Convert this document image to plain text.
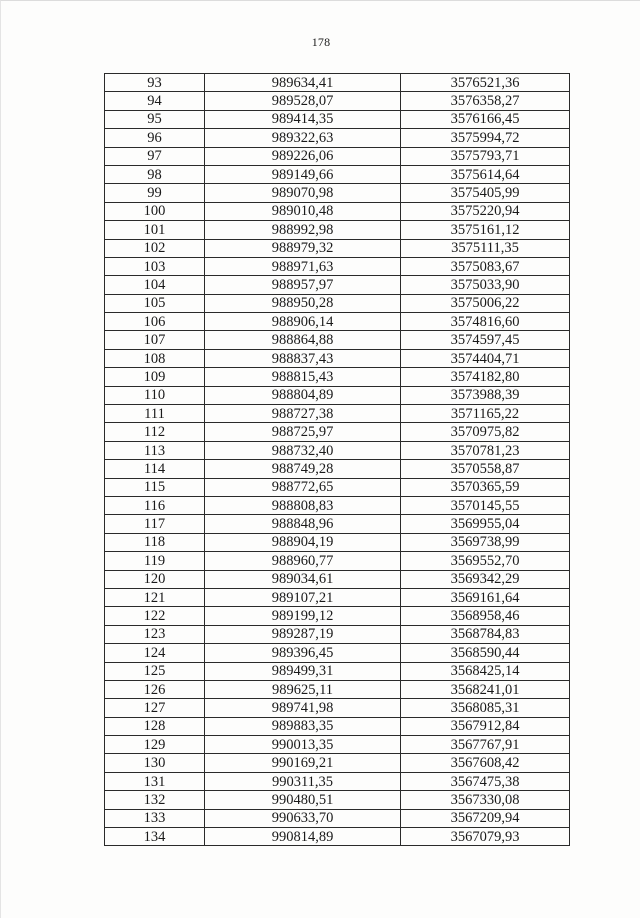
178
93	989634,41	3576521,36
94	989528,07	3576358,27
95	989414,35	3576166,45
96	989322,63	3575994,72
97	989226,06	3575793,71
98	989149,66	3575614,64
99	989070,98	3575405,99
100	989010,48	3575220,94
101	988992,98	3575161,12
102	988979,32	3575111,35
103	988971,63	3575083,67
104	988957,97	3575033,90
105	988950,28	3575006,22
106	988906,14	3574816,60
107	988864,88	3574597,45
108	988837,43	3574404,71
109	988815,43	3574182,80
110	988804,89	3573988,39
111	988727,38	3571165,22
112	988725,97	3570975,82
113	988732,40	3570781,23
114	988749,28	3570558,87
115	988772,65	3570365,59
116	988808,83	3570145,55
117	988848,96	3569955,04
118	988904,19	3569738,99
119	988960,77	3569552,70
120	989034,61	3569342,29
121	989107,21	3569161,64
122	989199,12	3568958,46
123	989287,19	3568784,83
124	989396,45	3568590,44
125	989499,31	3568425,14
126	989625,11	3568241,01
127	989741,98	3568085,31
128	989883,35	3567912,84
129	990013,35	3567767,91
130	990169,21	3567608,42
131	990311,35	3567475,38
132	990480,51	3567330,08
133	990633,70	3567209,94
134	990814,89	3567079,93
